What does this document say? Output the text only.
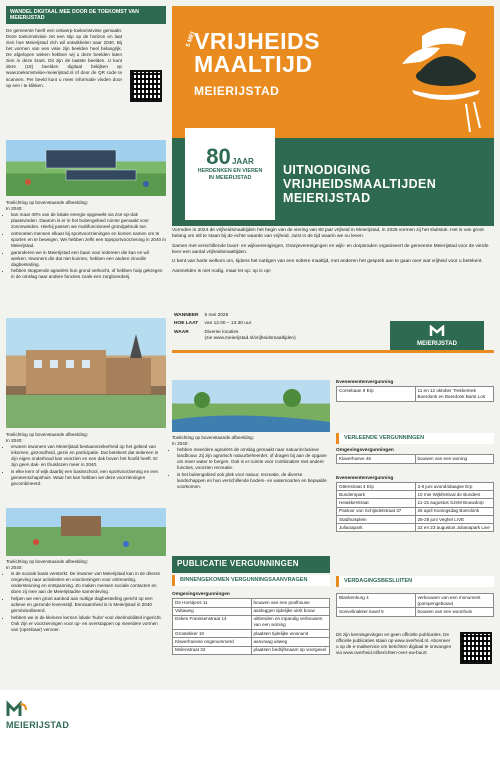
WANDEL DIGITAAL MEE DOOR DE TOEKOMST VAN MEIERIJSTAD
De gemeente heeft een ontwerp-toekomstvisie gemaakt. Deze toekomstvisie zet een stip op de horizon en laat zien hoe Meierijstad zich wil ontwikkelen naar 2040. Bij het vormen van een visie zijn beelden heel belangrijk. De afgelopen weken hebben wij u deze beelden laten zien in deze krant. Dit zijn de laatste beelden. U kunt deze (18) beelden digitaal bekijken op www.toekomstvisie-meierijstad.nl of door de QR code te scannen. Per beeld kunt u meer informatie vinden door op een i te klikken.
Toelichting op bovenstaande afbeelding:
In 2040:
• kan maar 40% van de lokale energie opgewekt via zon-op-dak plaatsvinden. Daarom is er in het buitengebied ruimte gemaakt voor zonneweiden. Hierbij passen we multifunctioneel grondgebruik toe.
• ontmoeten mensen elkaar bij sportvoorzieningen en komen samen om te sporten en te bewegen. We hebben zelfs een topsportvoorziening in 2040 in Meierijstad.
• garanderen we in Meierijstad een baan voor iedereen die kan en wil werken. Inwoners die dat niet kunnen, hebben een andere zinvolle dagbesteding.
• hebben stoppende agrariërs hun grond verkocht, of hebben hulp gekregen in de omslag naar andere functies zoals een zorgboerderij.
Toelichting op bovenstaande afbeelding:
In 2040:
• ervaren inwoners van Meierijstad bestaanszekerheid op het gebied van inkomen, gezondheid, gezin en participatie. Dat betekent dat iedereen in zijn eigen onderhoud kan voorzien en een dak boven het hoofd heeft. Er zijn geen dak- en thuislozen meer in 2040.
• is elke kern of wijk daarbij een basisschool, een sportvoorziening en een gemeenschapshuis. Waar het kan hebben we deze voorzieningen gecombineerd.
Toelichting op bovenstaande afbeelding:
In 2040:
• is de sociale basis versterkt. De inwoner van Meierijstad kan in de directe omgeving naar activiteiten en voorzieningen voor ontmoeting, ondersteuning en ontspanning. Zo maken mensen sociale contacten en doen zij mee aan de Meierijstadse samenleving.
• helpen we een groot aanbod aan nuttige dagbesteding gericht op een actieve en gezonde levensstijl. Eenzaamheid is in Meierijstad in 2040 geminimaliseerd.
• hebben we in de kleinere kernen lokale 'hubs' voor deelmobiliteit ingericht. Ook zijn er voorzieningen voor op- en overstappen op meerdere vormen van (openbaar) vervoer.
MEIERIJSTAD
5 MEI
VRIJHEIDS
MAALTIJD
MEIERIJSTAD
80 JAAR
HERDENKEN EN VIEREN
IN MEIERIJSTAD
UITNODIGING
VRIJHEIDSMAALTIJDEN
MEIERIJSTAD

Vormden in 2024 de vrijheidsmaaltijden het begin van de viering van 80 jaar vrijheid in Meierijstad, in 2025 vormen zij het sluitstuk. Het is van groot belang om stil te staan bij de echte waarde van vrijheid. Juist in de tijd waarin we nu leven.

Samen met verschillende buurt- en wijkverenigingen, Oranjeverenigingen en wijk- en dorpsraden organiseert de gemeente Meierijstad voor de vierde keer een aantal vrijheidsmaaltijden.

U bent van harte welkom om, tijdens het nuttigen van een sobere maaltijd, met anderen het gesprek aan te gaan over wat vrijheid voor u betekent.

Aanmelden is niet nodig, maar let op: op is op!

WANNEER	5 mei 2025
HOE LAAT	van 12.00 – 13.30 uur
WAAR	Diverse locaties
(zie www.meierijstad.nl/vrijheidsmaaltijden)
MEIERIJSTAD
Toelichting op bovenstaande afbeelding:
In 2040:
• hebben meerdere agrariërs de omslag gemaakt naar natuurinclusieve landbouw. Zij zijn agrarisch natuurbeheerder, of dragen bij aan de opgave om meer water te bergen. Ook is er ruimte voor combinaties met andere functies, voorzien recreatie.
• is het buitengebied ook plek voor natuur, recreatie, de diverse landschappen en hun verschillende bodem- en watersoorten en bepaalde voorkomen.
PUBLICATIE VERGUNNINGEN
BINNENGEKOMEN VERGUNNINGSAANVRAGEN
Omgevingsvergunningen
De Horstjens 11	bouwen van een poolhouse
Voltaweg	aanleggen tijdelijke uitrit bouw
Deken Franssenstraat 14	uitbreiden en inpandig verbouwen van een woning
Grootekker 10	plaatsen tijdelijke woonunit
Klaverhoevse ongenummerd	aanvraag uitweg
Molenstraat 32	plaatsen bedrijfsnaam op voorgevel
Evenementenvergunning
Corsebaan 9 Erp	11 en 12 oktober Trekkertrek Boerdonk en Boerdonk Barst Los
VERLEENDE VERGUNNINGEN
Omgevingsvergunningen
Klaverhoeve 46	bouwen van een woning
Evenementenvergunning
Ottenstraat 4 Erp	3-6 juni avond4daagse Erp
Bunderspark	10 mei Wijkfestival de Bunders
Heiakkerstraat	11-15 augustus SJeM Bouwdorp
Pastoor van Schijndelstraat 37	26 april Koningsdag Boerdonk
Stadhuisplein	26-28 juni Veghel LIVE
Julianapark	22 en 23 augustus Julianapark Live
VERDAGINGSBESLUITEN
Blankenburg 4	verbouwen van een monument (pompengebouw)
Sonvelinakker kavel 5	bouwen van een woonhuis
Dit zijn kennisgevingen en geen officiële publicaties. De officiële publicaties staan op www.overheid.nl. Abonneer u op de e-mailservice om berichten digitaal te ontvangen via www.overheid.nl/berichten-over-uw-buurt
